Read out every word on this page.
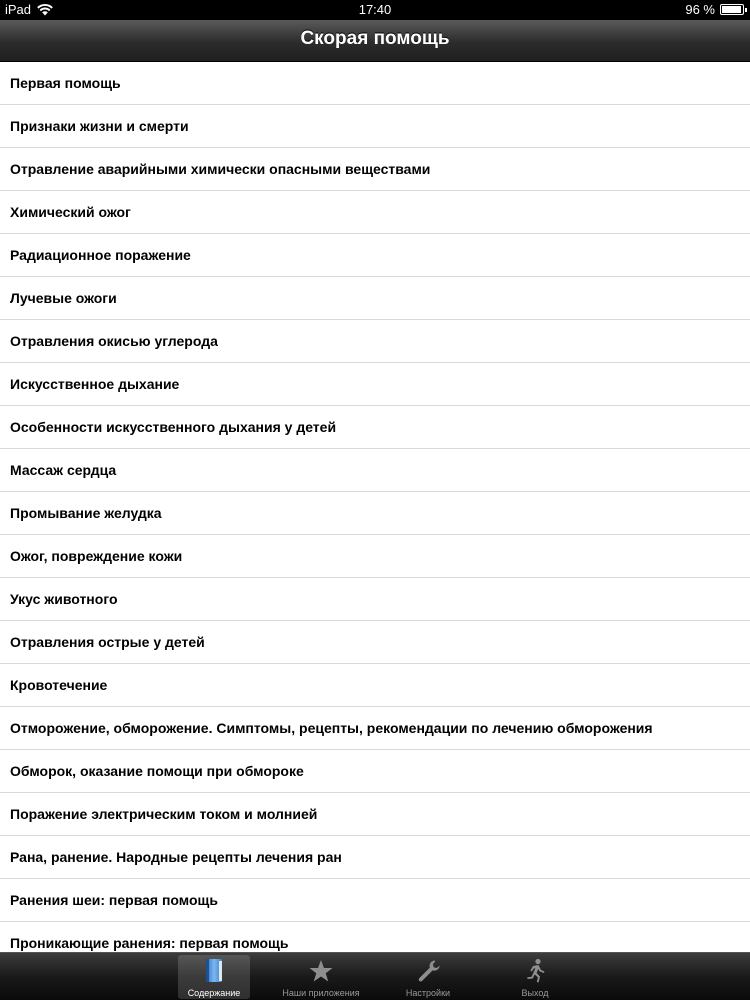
iPad	17:40	96 %
Скорая помощь
Первая помощь
Признаки жизни и смерти
Отравление аварийными химически опасными веществами
Химический ожог
Радиационное поражение
Лучевые ожоги
Отравления окисью углерода
Искусственное дыхание
Особенности искусственного дыхания у детей
Массаж сердца
Промывание желудка
Ожог, повреждение кожи
Укус животного
Отравления острые у детей
Кровотечение
Отморожение, обморожение. Симптомы, рецепты, рекомендации по лечению обморожения
Обморок, оказание помощи при обмороке
Поражение электрическим током и молнией
Рана, ранение. Народные рецепты лечения ран
Ранения шеи: первая помощь
Проникающие ранения: первая помощь
Содержание	Наши приложения	Настройки	Выход
